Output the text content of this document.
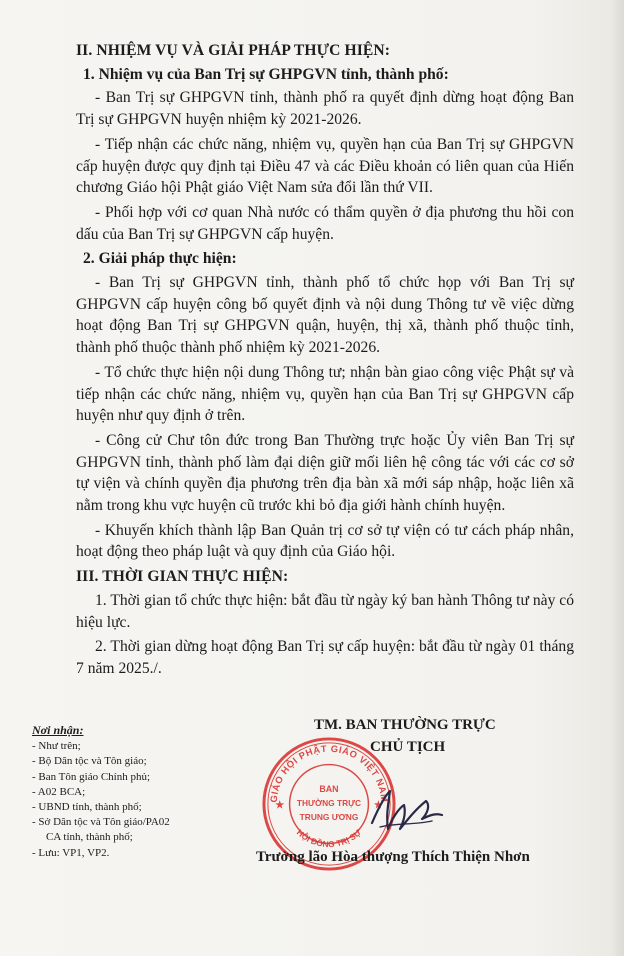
II. NHIỆM VỤ VÀ GIẢI PHÁP THỰC HIỆN:
1. Nhiệm vụ của Ban Trị sự GHPGVN tỉnh, thành phố:
- Ban Trị sự GHPGVN tỉnh, thành phố ra quyết định dừng hoạt động Ban Trị sự GHPGVN huyện nhiệm kỳ 2021-2026.
- Tiếp nhận các chức năng, nhiệm vụ, quyền hạn của Ban Trị sự GHPGVN cấp huyện được quy định tại Điều 47 và các Điều khoản có liên quan của Hiến chương Giáo hội Phật giáo Việt Nam sửa đổi lần thứ VII.
- Phối hợp với cơ quan Nhà nước có thẩm quyền ở địa phương thu hồi con dấu của Ban Trị sự GHPGVN cấp huyện.
2. Giải pháp thực hiện:
- Ban Trị sự GHPGVN tỉnh, thành phố tổ chức họp với Ban Trị sự GHPGVN cấp huyện công bố quyết định và nội dung Thông tư về việc dừng hoạt động Ban Trị sự GHPGVN quận, huyện, thị xã, thành phố thuộc tỉnh, thành phố thuộc thành phố nhiệm kỳ 2021-2026.
- Tổ chức thực hiện nội dung Thông tư; nhận bàn giao công việc Phật sự và tiếp nhận các chức năng, nhiệm vụ, quyền hạn của Ban Trị sự GHPGVN cấp huyện như quy định ở trên.
- Công cử Chư tôn đức trong Ban Thường trực hoặc Ủy viên Ban Trị sự GHPGVN tỉnh, thành phố làm đại diện giữ mối liên hệ công tác với các cơ sở tự viện và chính quyền địa phương trên địa bàn xã mới sáp nhập, hoặc liên xã nằm trong khu vực huyện cũ trước khi bỏ địa giới hành chính huyện.
- Khuyến khích thành lập Ban Quản trị cơ sở tự viện có tư cách pháp nhân, hoạt động theo pháp luật và quy định của Giáo hội.
III. THỜI GIAN THỰC HIỆN:
1. Thời gian tổ chức thực hiện: bắt đầu từ ngày ký ban hành Thông tư này có hiệu lực.
2. Thời gian dừng hoạt động Ban Trị sự cấp huyện: bắt đầu từ ngày 01 tháng 7 năm 2025./.
Nơi nhận:
- Như trên;
- Bộ Dân tộc và Tôn giáo;
- Ban Tôn giáo Chính phủ;
- A02 BCA;
- UBND tỉnh, thành phố;
- Sở Dân tộc và Tôn giáo/PA02
CA tỉnh, thành phố;
- Lưu: VP1, VP2.
GIÁO HỘI PHẬT GIÁO VIỆT NAM
HỘI ĐỒNG TRỊ SỰ
BAN
THƯỜNG TRỰC
TRUNG ƯƠNG
★	★
TM. BAN THƯỜNG TRỰC
CHỦ TỊCH
Trưởng lão Hòa thượng Thích Thiện Nhơn
